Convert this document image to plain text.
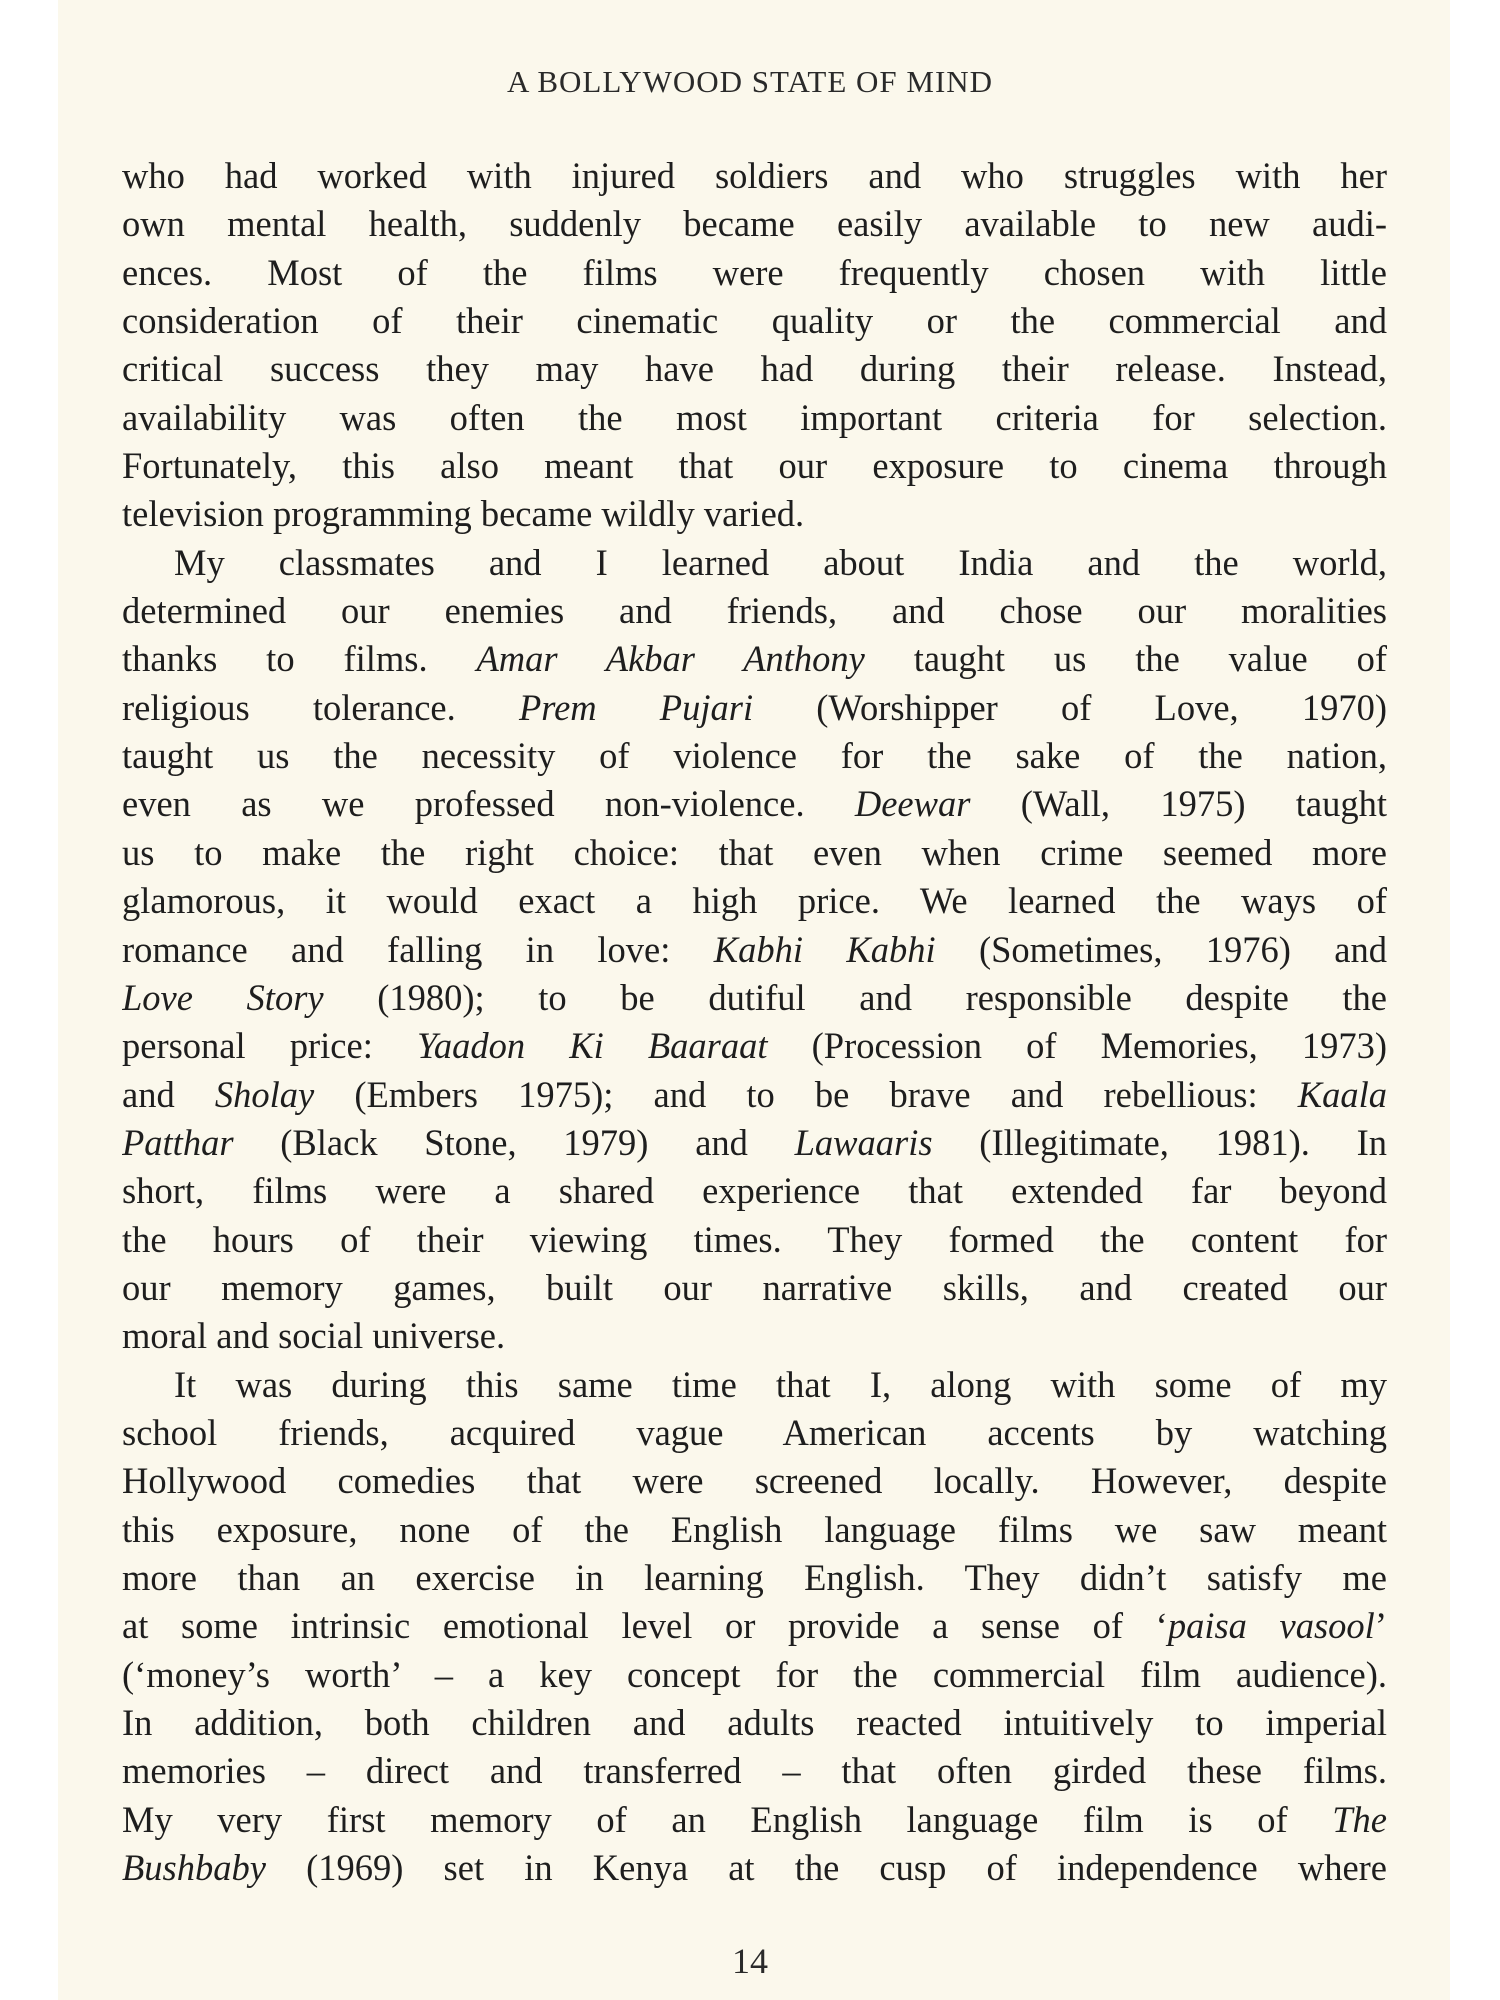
A BOLLYWOOD STATE OF MIND
who had worked with injured soldiers and who struggles with her
own mental health, suddenly became easily available to new audi-
ences. Most of the films were frequently chosen with little
consideration of their cinematic quality or the commercial and
critical success they may have had during their release. Instead,
availability was often the most important criteria for selection.
Fortunately, this also meant that our exposure to cinema through
television programming became wildly varied.
My classmates and I learned about India and the world,
determined our enemies and friends, and chose our moralities
thanks to films. Amar Akbar Anthony taught us the value of
religious tolerance. Prem Pujari (Worshipper of Love, 1970)
taught us the necessity of violence for the sake of the nation,
even as we professed non-violence. Deewar (Wall, 1975) taught
us to make the right choice: that even when crime seemed more
glamorous, it would exact a high price. We learned the ways of
romance and falling in love: Kabhi Kabhi (Sometimes, 1976) and
Love Story (1980); to be dutiful and responsible despite the
personal price: Yaadon Ki Baaraat (Procession of Memories, 1973)
and Sholay (Embers 1975); and to be brave and rebellious: Kaala
Patthar (Black Stone, 1979) and Lawaaris (Illegitimate, 1981). In
short, films were a shared experience that extended far beyond
the hours of their viewing times. They formed the content for
our memory games, built our narrative skills, and created our
moral and social universe.
It was during this same time that I, along with some of my
school friends, acquired vague American accents by watching
Hollywood comedies that were screened locally. However, despite
this exposure, none of the English language films we saw meant
more than an exercise in learning English. They didn’t satisfy me
at some intrinsic emotional level or provide a sense of ‘paisa vasool’
(‘money’s worth’ – a key concept for the commercial film audience).
In addition, both children and adults reacted intuitively to imperial
memories – direct and transferred – that often girded these films.
My very first memory of an English language film is of The
Bushbaby (1969) set in Kenya at the cusp of independence where
14
